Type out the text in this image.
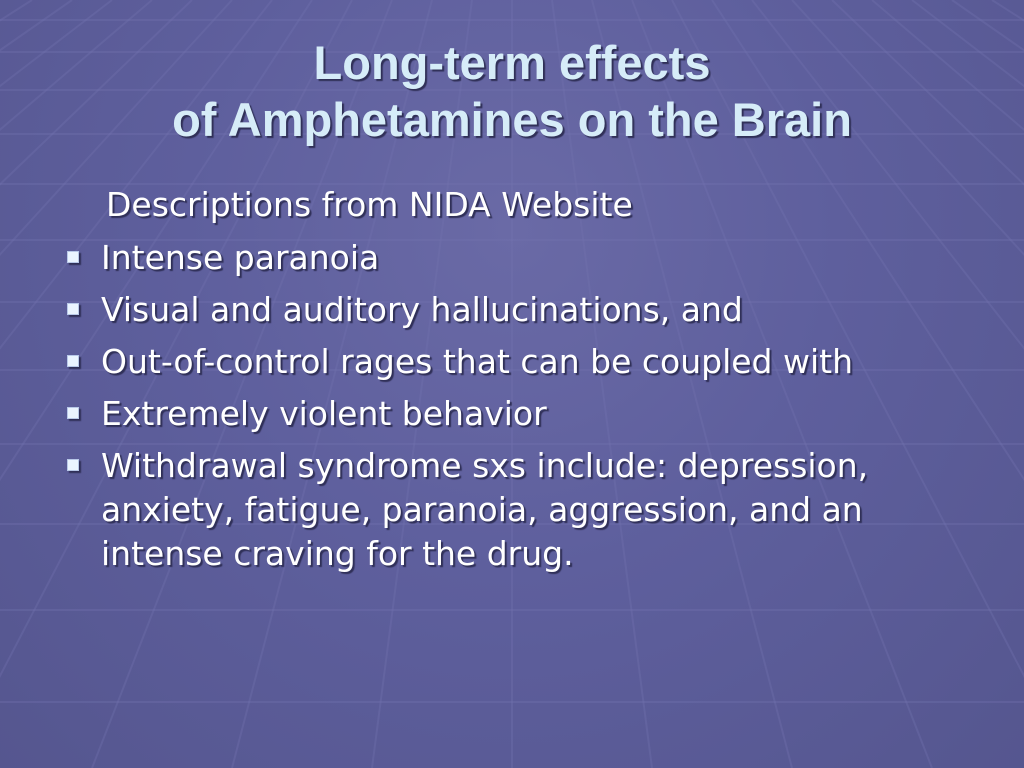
Long-term effects
of Amphetamines on the Brain
Descriptions from NIDA Website
Intense paranoia
Visual and auditory hallucinations, and
Out-of-control rages that can be coupled with
Extremely violent behavior
Withdrawal syndrome sxs include: depression, anxiety, fatigue, paranoia, aggression, and an intense craving for the drug.
